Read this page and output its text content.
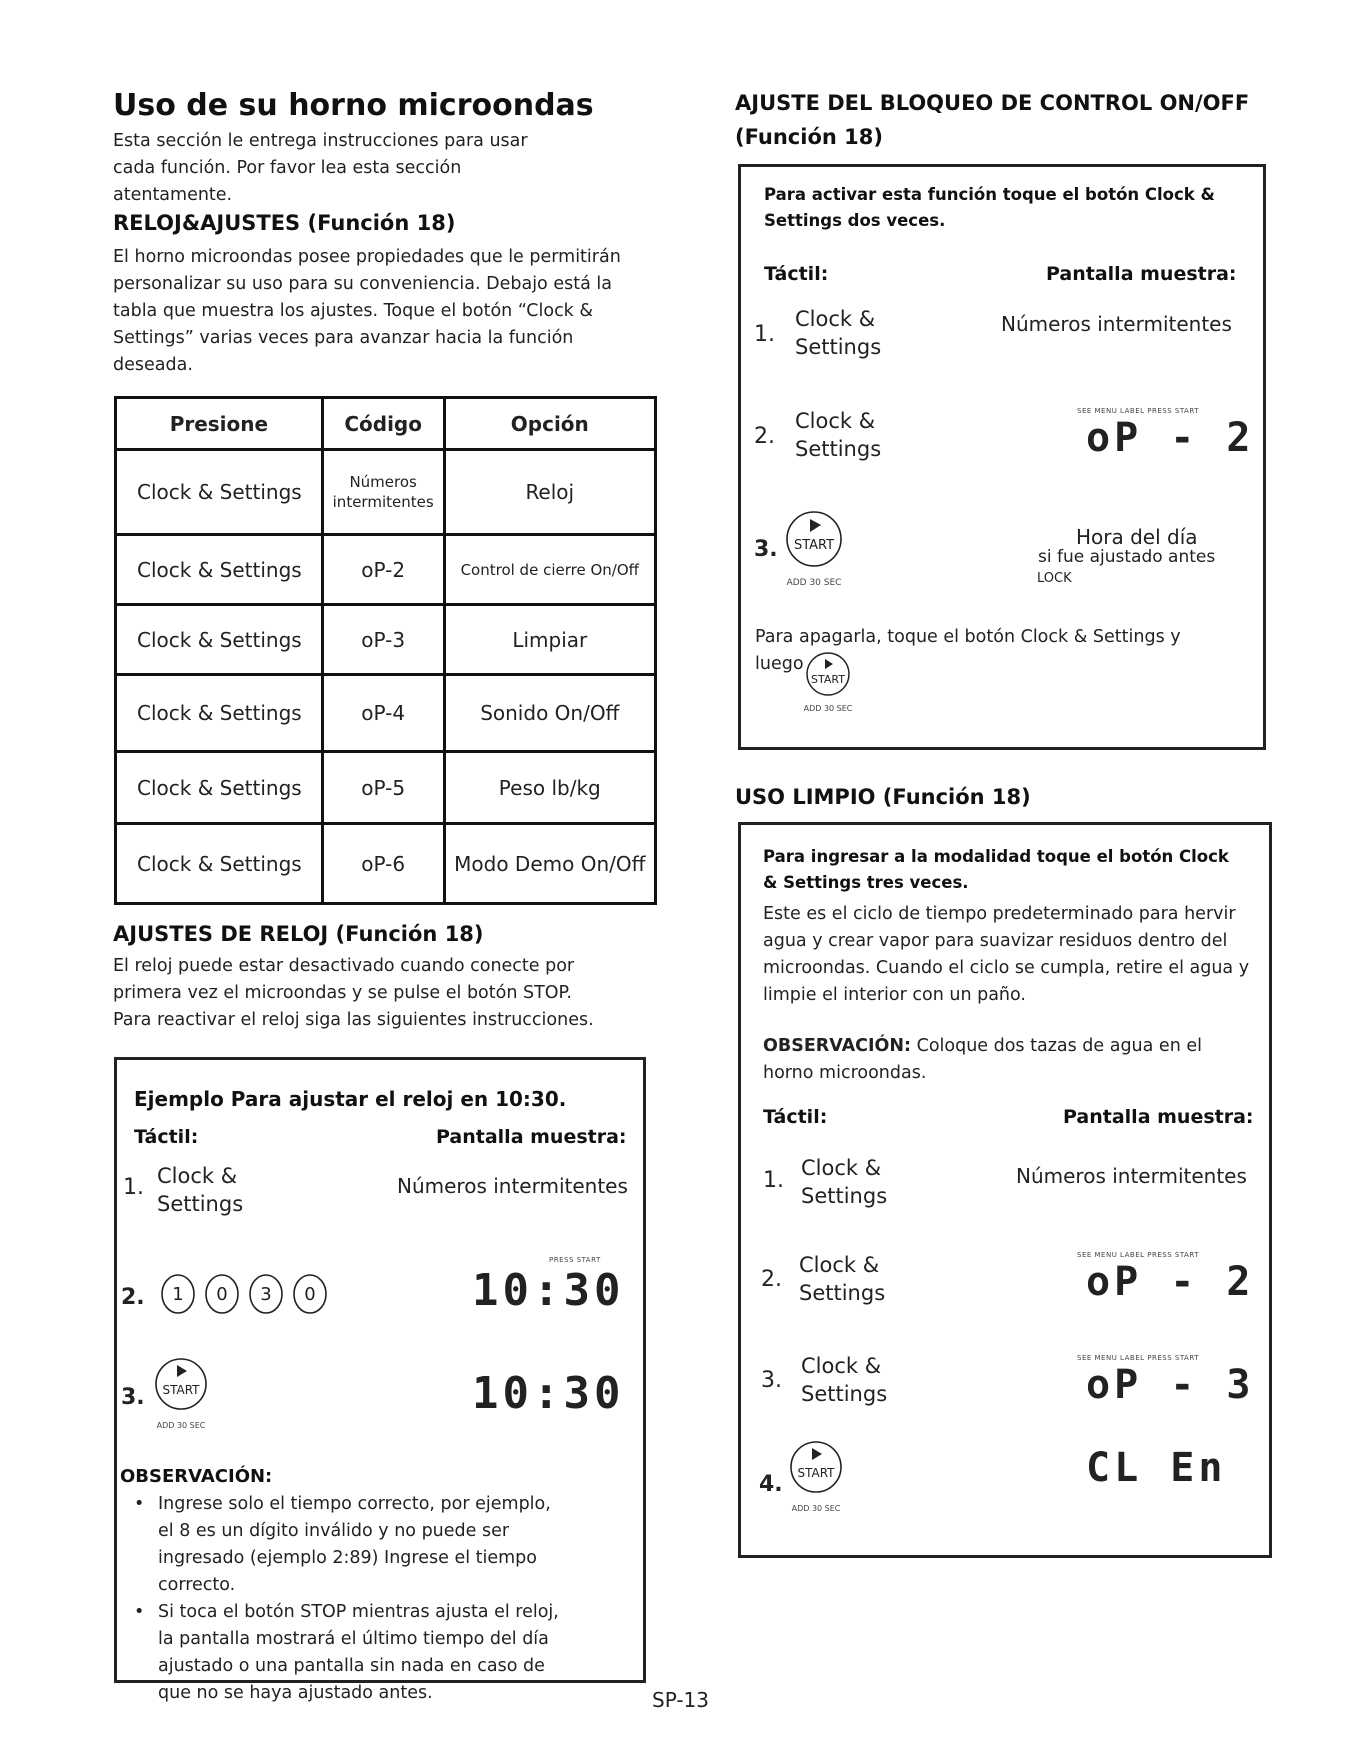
Uso de su horno microondas
Esta sección le entrega instrucciones para usar cada función. Por favor lea esta sección atentamente.
RELOJ&AJUSTES (Función 18)
El horno microondas posee propiedades que le permitirán personalizar su uso para su conveniencia. Debajo está la tabla que muestra los ajustes. Toque el botón “Clock & Settings” varias veces para avanzar hacia la función deseada.
Presione	Código	Opción
Clock & Settings	Números intermitentes	Reloj
Clock & Settings	oP-2	Control de cierre On/Off
Clock & Settings	oP-3	Limpiar
Clock & Settings	oP-4	Sonido On/Off
Clock & Settings	oP-5	Peso lb/kg
Clock & Settings	oP-6	Modo Demo On/Off
AJUSTES DE RELOJ (Función 18)
El reloj puede estar desactivado cuando conecte por primera vez el microondas y se pulse el botón STOP. Para reactivar el reloj siga las siguientes instrucciones.
Ejemplo Para ajustar el reloj en 10:30.
Táctil:	Pantalla muestra:
1. Clock &
Settings
Números intermitentes
2. 1 0 3 0
PRESS START
10:30
3. START
ADD 30 SEC
10:30
OBSERVACIÓN:
• Ingrese solo el tiempo correcto, por ejemplo, el 8 es un dígito inválido y no puede ser ingresado (ejemplo 2:89) Ingrese el tiempo correcto.
• Si toca el botón STOP mientras ajusta el reloj, la pantalla mostrará el último tiempo del día ajustado o una pantalla sin nada en caso de que no se haya ajustado antes.
AJUSTE DEL BLOQUEO DE CONTROL ON/OFF
(Función 18)
Para activar esta función toque el botón Clock & Settings dos veces.
Táctil:	Pantalla muestra:
1.
Clock &
Settings
Números intermitentes
2.
Clock &
Settings
SEE MENU LABEL PRESS START
oP - 2
3. START
ADD 30 SEC
Hora del día
si fue ajustado antes
LOCK
Para apagarla, toque el botón Clock & Settings y
luego
START
ADD 30 SEC
USO LIMPIO (Función 18)
Para ingresar a la modalidad toque el botón Clock & Settings tres veces.
Este es el ciclo de tiempo predeterminado para hervir agua y crear vapor para suavizar residuos dentro del microondas. Cuando el ciclo se cumpla, retire el agua y limpie el interior con un paño.
OBSERVACIÓN: Coloque dos tazas de agua en el horno microondas.
Táctil:	Pantalla muestra:
1. Clock &
Settings
Números intermitentes
2.
Clock &
Settings
SEE MENU LABEL PRESS START
oP - 2
3.
Clock &
Settings
SEE MENU LABEL PRESS START
oP - 3
4. START
ADD 30 SEC
CL En
SP-13
